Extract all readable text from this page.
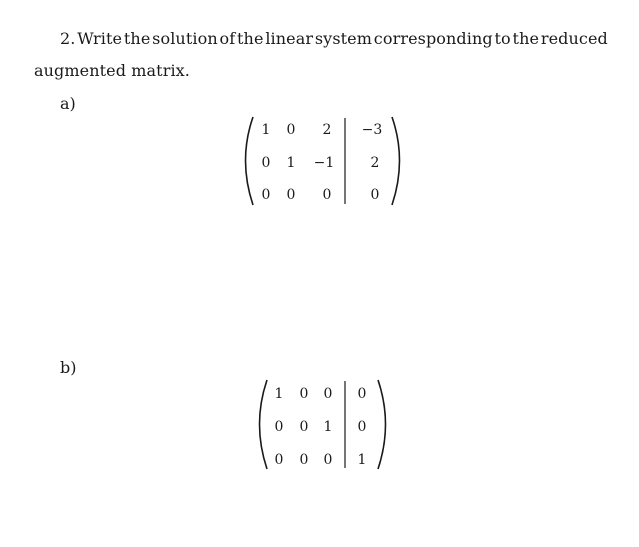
2. Write the solution of the linear system corresponding to the reduced
augmented matrix.
a)
b)
1	0	2	−3
0	1	−1	2
0	0	0	0
1	0	0	0
0	0	1	0
0	0	0	1
